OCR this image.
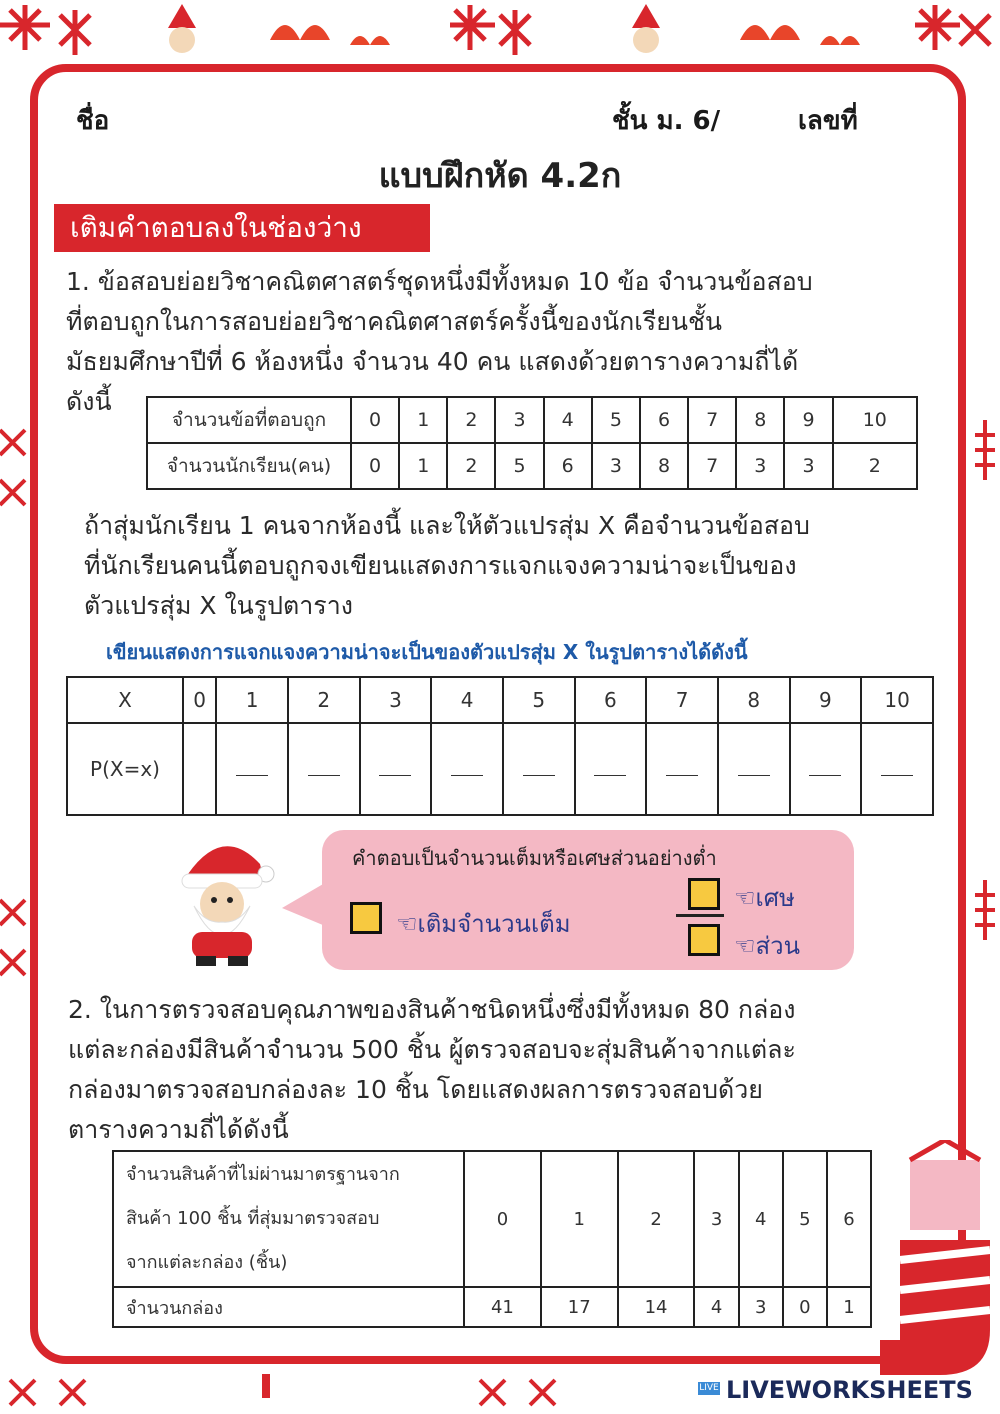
ชื่อ	ชั้น ม. 6/	เลขที่
แบบฝึกหัด 4.2ก
เติมคำตอบลงในช่องว่าง
1. ข้อสอบย่อยวิชาคณิตศาสตร์ชุดหนึ่งมีทั้งหมด 10 ข้อ จำนวนข้อสอบ
ที่ตอบถูกในการสอบย่อยวิชาคณิตศาสตร์ครั้งนี้ของนักเรียนชั้น
มัธยมศึกษาปีที่ 6 ห้องหนึ่ง จำนวน 40 คน แสดงด้วยตารางความถี่ได้
ดังนี้
จำนวนข้อที่ตอบถูก	0	1	2	3	4	5	6	7	8	9	10
จำนวนนักเรียน(คน)	0	1	2	5	6	3	8	7	3	3	2
ถ้าสุ่มนักเรียน 1 คนจากห้องนี้ และให้ตัวแปรสุ่ม X คือจำนวนข้อสอบ
ที่นักเรียนคนนี้ตอบถูกจงเขียนแสดงการแจกแจงความน่าจะเป็นของ
ตัวแปรสุ่ม X ในรูปตาราง
เขียนแสดงการแจกแจงความน่าจะเป็นของตัวแปรสุ่ม X ในรูปตารางได้ดังนี้
X	0	1	2	3	4	5	6	7	8	9	10
P(X=x)											
คำตอบเป็นจำนวนเต็มหรือเศษส่วนอย่างต่ำ
☜เติมจำนวนเต็ม
☜เศษ
☜ส่วน
2. ในการตรวจสอบคุณภาพของสินค้าชนิดหนึ่งซึ่งมีทั้งหมด 80 กล่อง
แต่ละกล่องมีสินค้าจำนวน 500 ชิ้น ผู้ตรวจสอบจะสุ่มสินค้าจากแต่ละ
กล่องมาตรวจสอบกล่องละ 10 ชิ้น โดยแสดงผลการตรวจสอบด้วย
ตารางความถี่ได้ดังนี้
จำนวนสินค้าที่ไม่ผ่านมาตรฐานจาก
สินค้า 100 ชิ้น ที่สุ่มมาตรวจสอบ
จากแต่ละกล่อง (ชิ้น)	0	1	2	3	4	5	6
จำนวนกล่อง	41	17	14	4	3	0	1
LIVE LIVEWORKSHEETS
